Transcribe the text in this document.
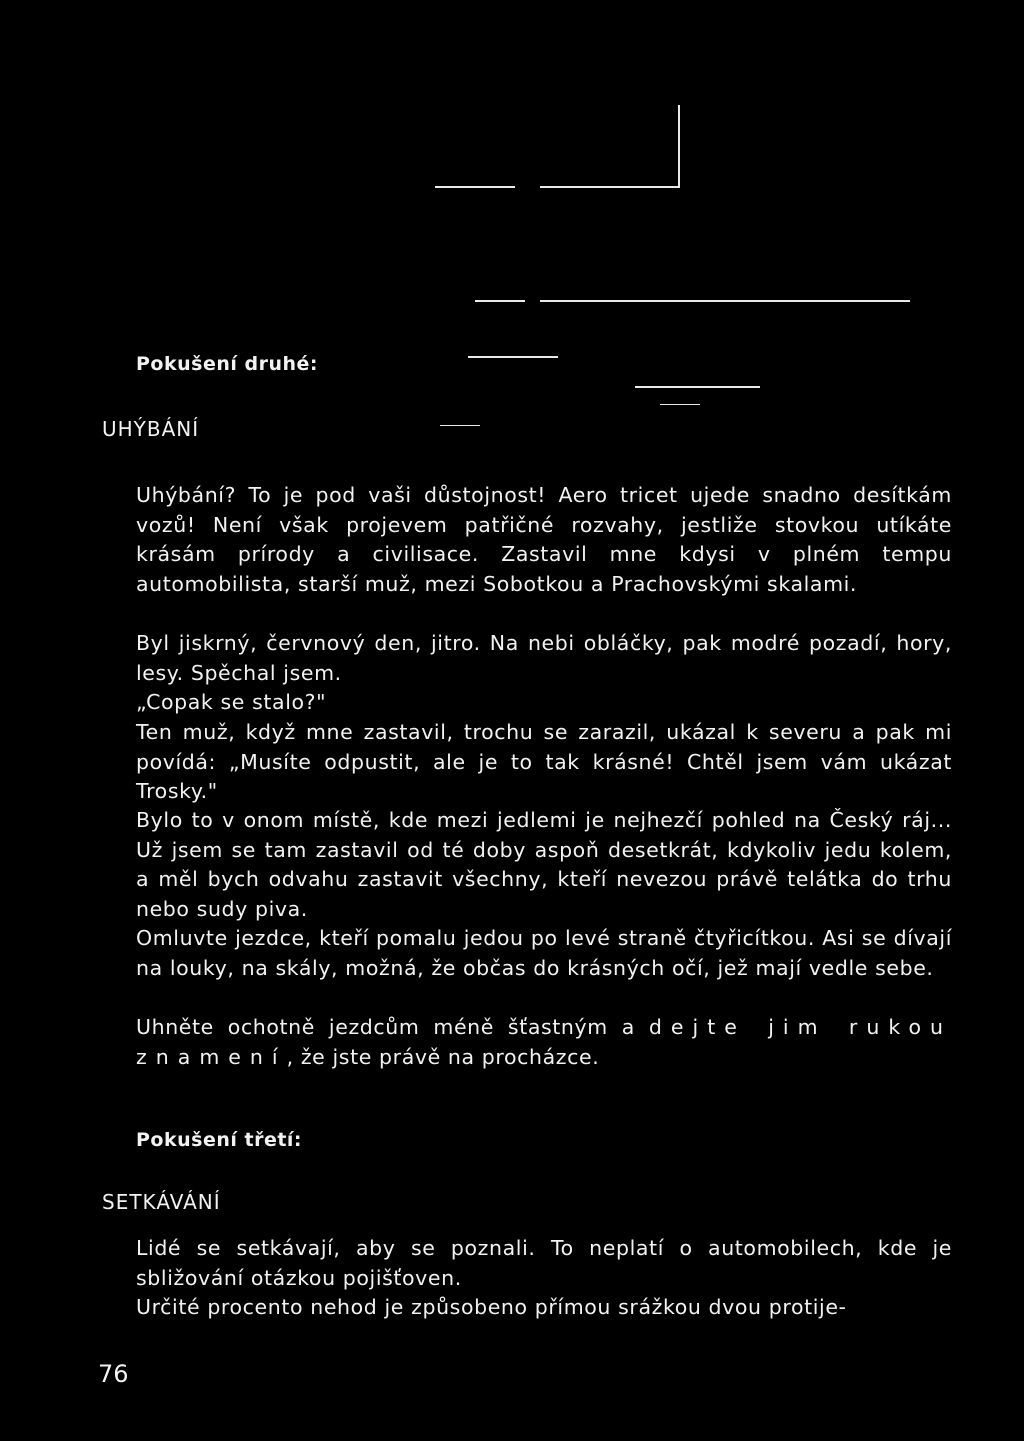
Pokušení druhé:
UHÝBÁNÍ

Uhýbání? To je pod vaši důstojnost! Aero tricet ujede snadno desítkám vozů! Není však projevem patřičné rozvahy, jestliže stovkou utíkáte krásám prírody a civilisace. Zastavil mne kdysi v plném tempu automobilista, starší muž, mezi Sobotkou a Prachovskými skalami.

Byl jiskrný, červnový den, jitro. Na nebi obláčky, pak modré pozadí, hory, lesy. Spěchal jsem.

„Copak se stalo?"

Ten muž, když mne zastavil, trochu se zarazil, ukázal k severu a pak mi povídá: „Musíte odpustit, ale je to tak krásné! Chtěl jsem vám ukázat Trosky."

Bylo to v onom místě, kde mezi jedlemi je nejhezčí pohled na Český ráj... Už jsem se tam zastavil od té doby aspoň desetkrát, kdykoliv jedu kolem, a měl bych odvahu zastavit všechny, kteří nevezou právě telátka do trhu nebo sudy piva.

Omluvte jezdce, kteří pomalu jedou po levé straně čtyřicítkou. Asi se dívají na louky, na skály, možná, že občas do krásných očí, jež mají vedle sebe.

Uhněte ochotně jezdcům méně šťastným a dejte jim rukou znamení, že jste právě na procházce.

Pokušení třetí:
SETKÁVÁNÍ

Lidé se setkávají, aby se poznali. To neplatí o automobilech, kde je sbližování otázkou pojišťoven.

Určité procento nehod je způsobeno přímou srážkou dvou protije-

76
